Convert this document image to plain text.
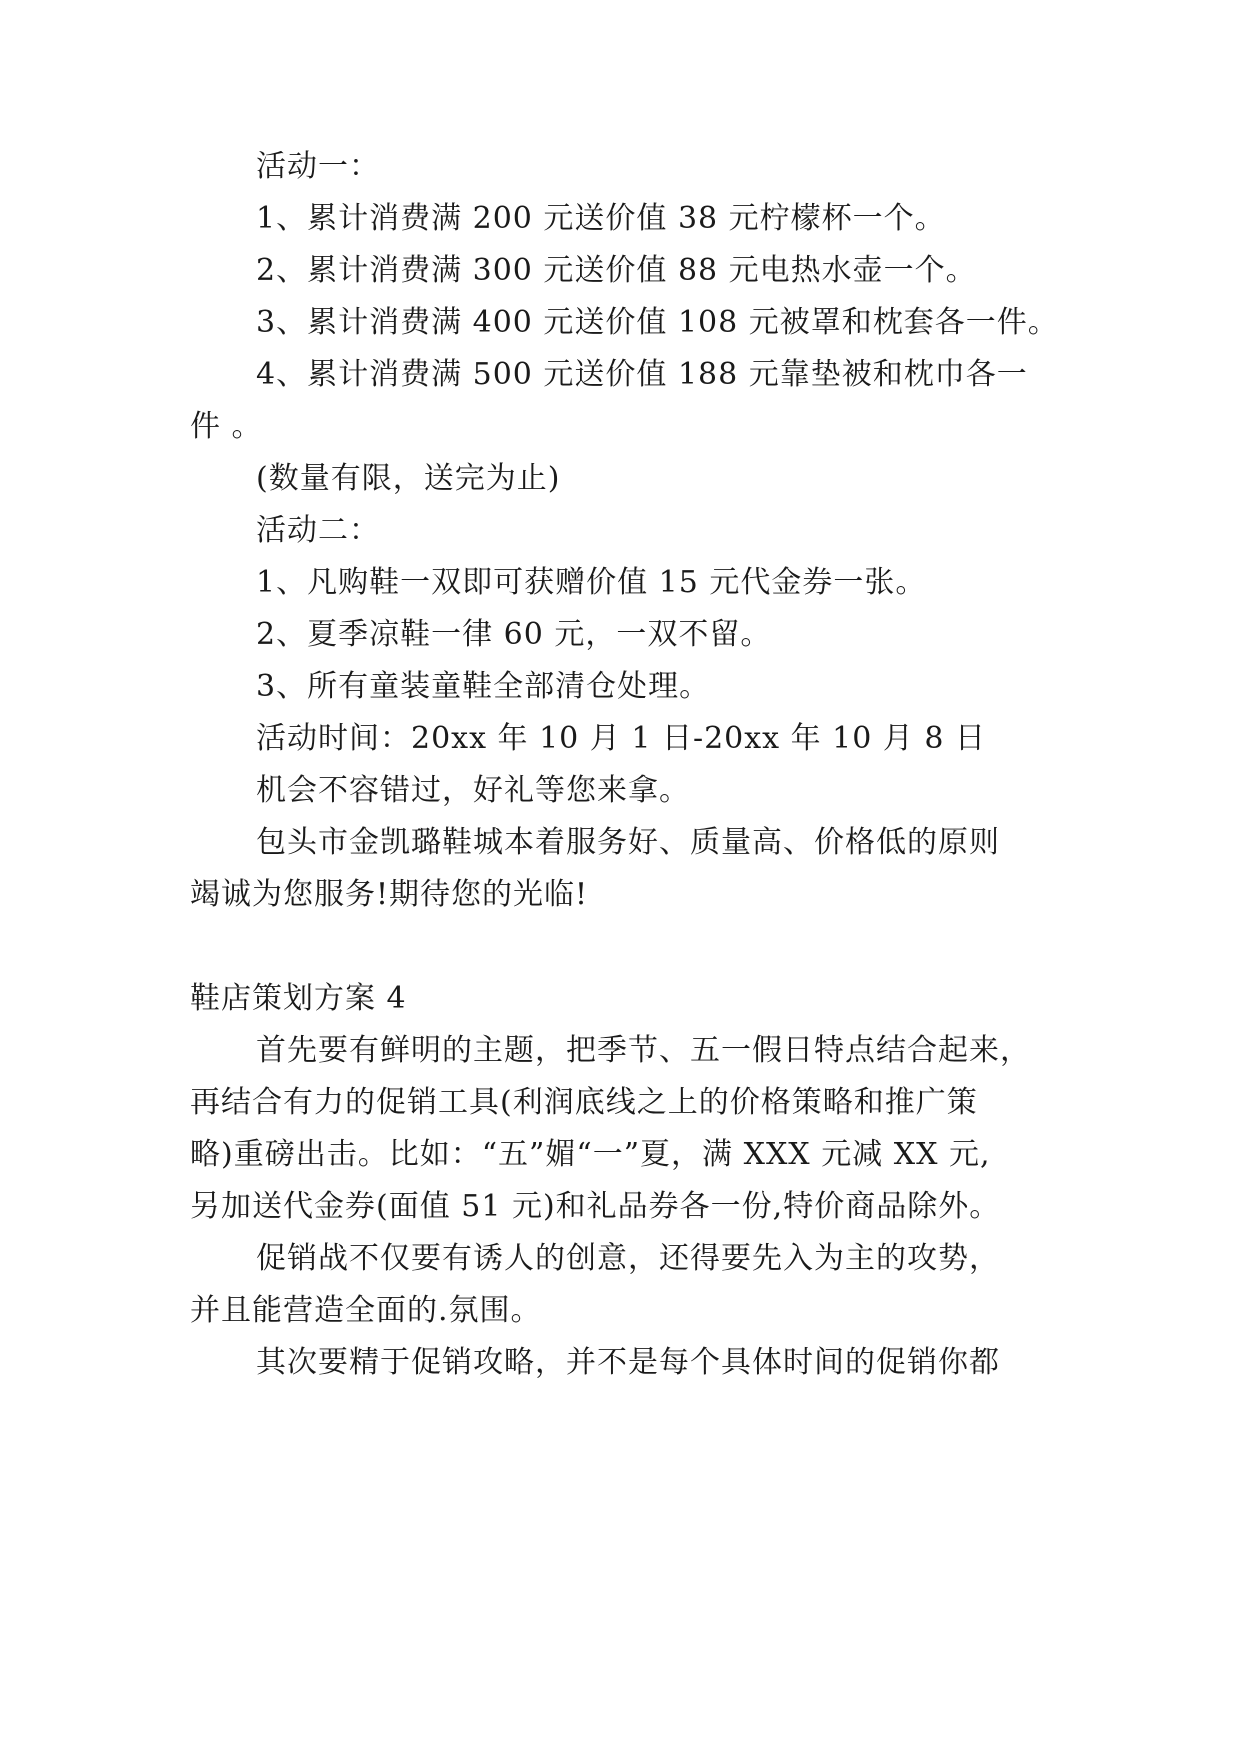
活动一：
1、累计消费满 200 元送价值 38 元柠檬杯一个。
2、累计消费满 300 元送价值 88 元电热水壶一个。
3、累计消费满 400 元送价值 108 元被罩和枕套各一件。
4、累计消费满 500 元送价值 188 元靠垫被和枕巾各一
件 。
(数量有限，送完为止)
活动二：
1、凡购鞋一双即可获赠价值 15 元代金券一张。
2、夏季凉鞋一律 60 元，一双不留。
3、所有童装童鞋全部清仓处理。
活动时间：20xx 年 10 月 1 日-20xx 年 10 月 8 日
机会不容错过，好礼等您来拿。
包头市金凯璐鞋城本着服务好、质量高、价格低的原则
竭诚为您服务!期待您的光临!
鞋店策划方案 4
首先要有鲜明的主题，把季节、五一假日特点结合起来，
再结合有力的促销工具(利润底线之上的价格策略和推广策
略)重磅出击。比如：“五”媚“一”夏，满 XXX 元减 XX 元,
另加送代金券(面值 51 元)和礼品券各一份,特价商品除外。
促销战不仅要有诱人的创意，还得要先入为主的攻势，
并且能营造全面的.氛围。
其次要精于促销攻略，并不是每个具体时间的促销你都
